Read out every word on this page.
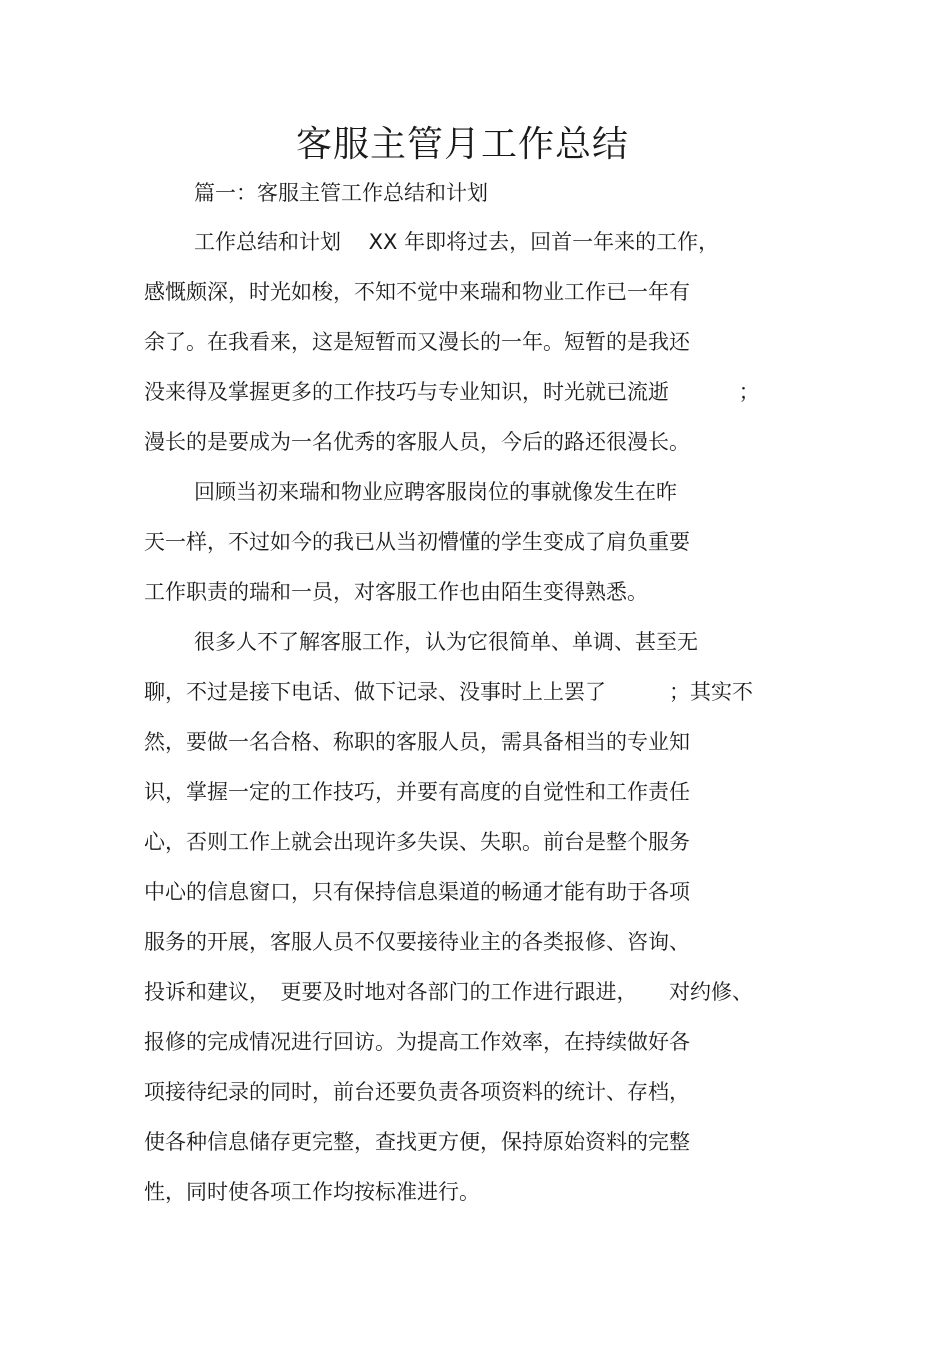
客服主管月工作总结

篇一：客服主管工作总结和计划

工作总结和计划 　XX 年即将过去，回首一年来的工作，

感慨颇深，时光如梭，不知不觉中来瑞和物业工作已一年有

余了。在我看来，这是短暂而又漫长的一年。短暂的是我还

没来得及掌握更多的工作技巧与专业知识，时光就已流逝　　　 ；

漫长的是要成为一名优秀的客服人员，今后的路还很漫长。

回顾当初来瑞和物业应聘客服岗位的事就像发生在昨

天一样，不过如今的我已从当初懵懂的学生变成了肩负重要

工作职责的瑞和一员，对客服工作也由陌生变得熟悉。

很多人不了解客服工作，认为它很简单、单调、甚至无

聊，不过是接下电话、做下记录、没事时上上罢了　　　；其实不

然，要做一名合格、称职的客服人员，需具备相当的专业知

识，掌握一定的工作技巧，并要有高度的自觉性和工作责任

心，否则工作上就会出现许多失误、失职。前台是整个服务

中心的信息窗口，只有保持信息渠道的畅通才能有助于各项

服务的开展，客服人员不仅要接待业主的各类报修、咨询、

投诉和建议，　更要及时地对各部门的工作进行跟进，　　对约修、

报修的完成情况进行回访。为提高工作效率，在持续做好各

项接待纪录的同时，前台还要负责各项资料的统计、存档，

使各种信息储存更完整，查找更方便，保持原始资料的完整

性，同时使各项工作均按标准进行。
